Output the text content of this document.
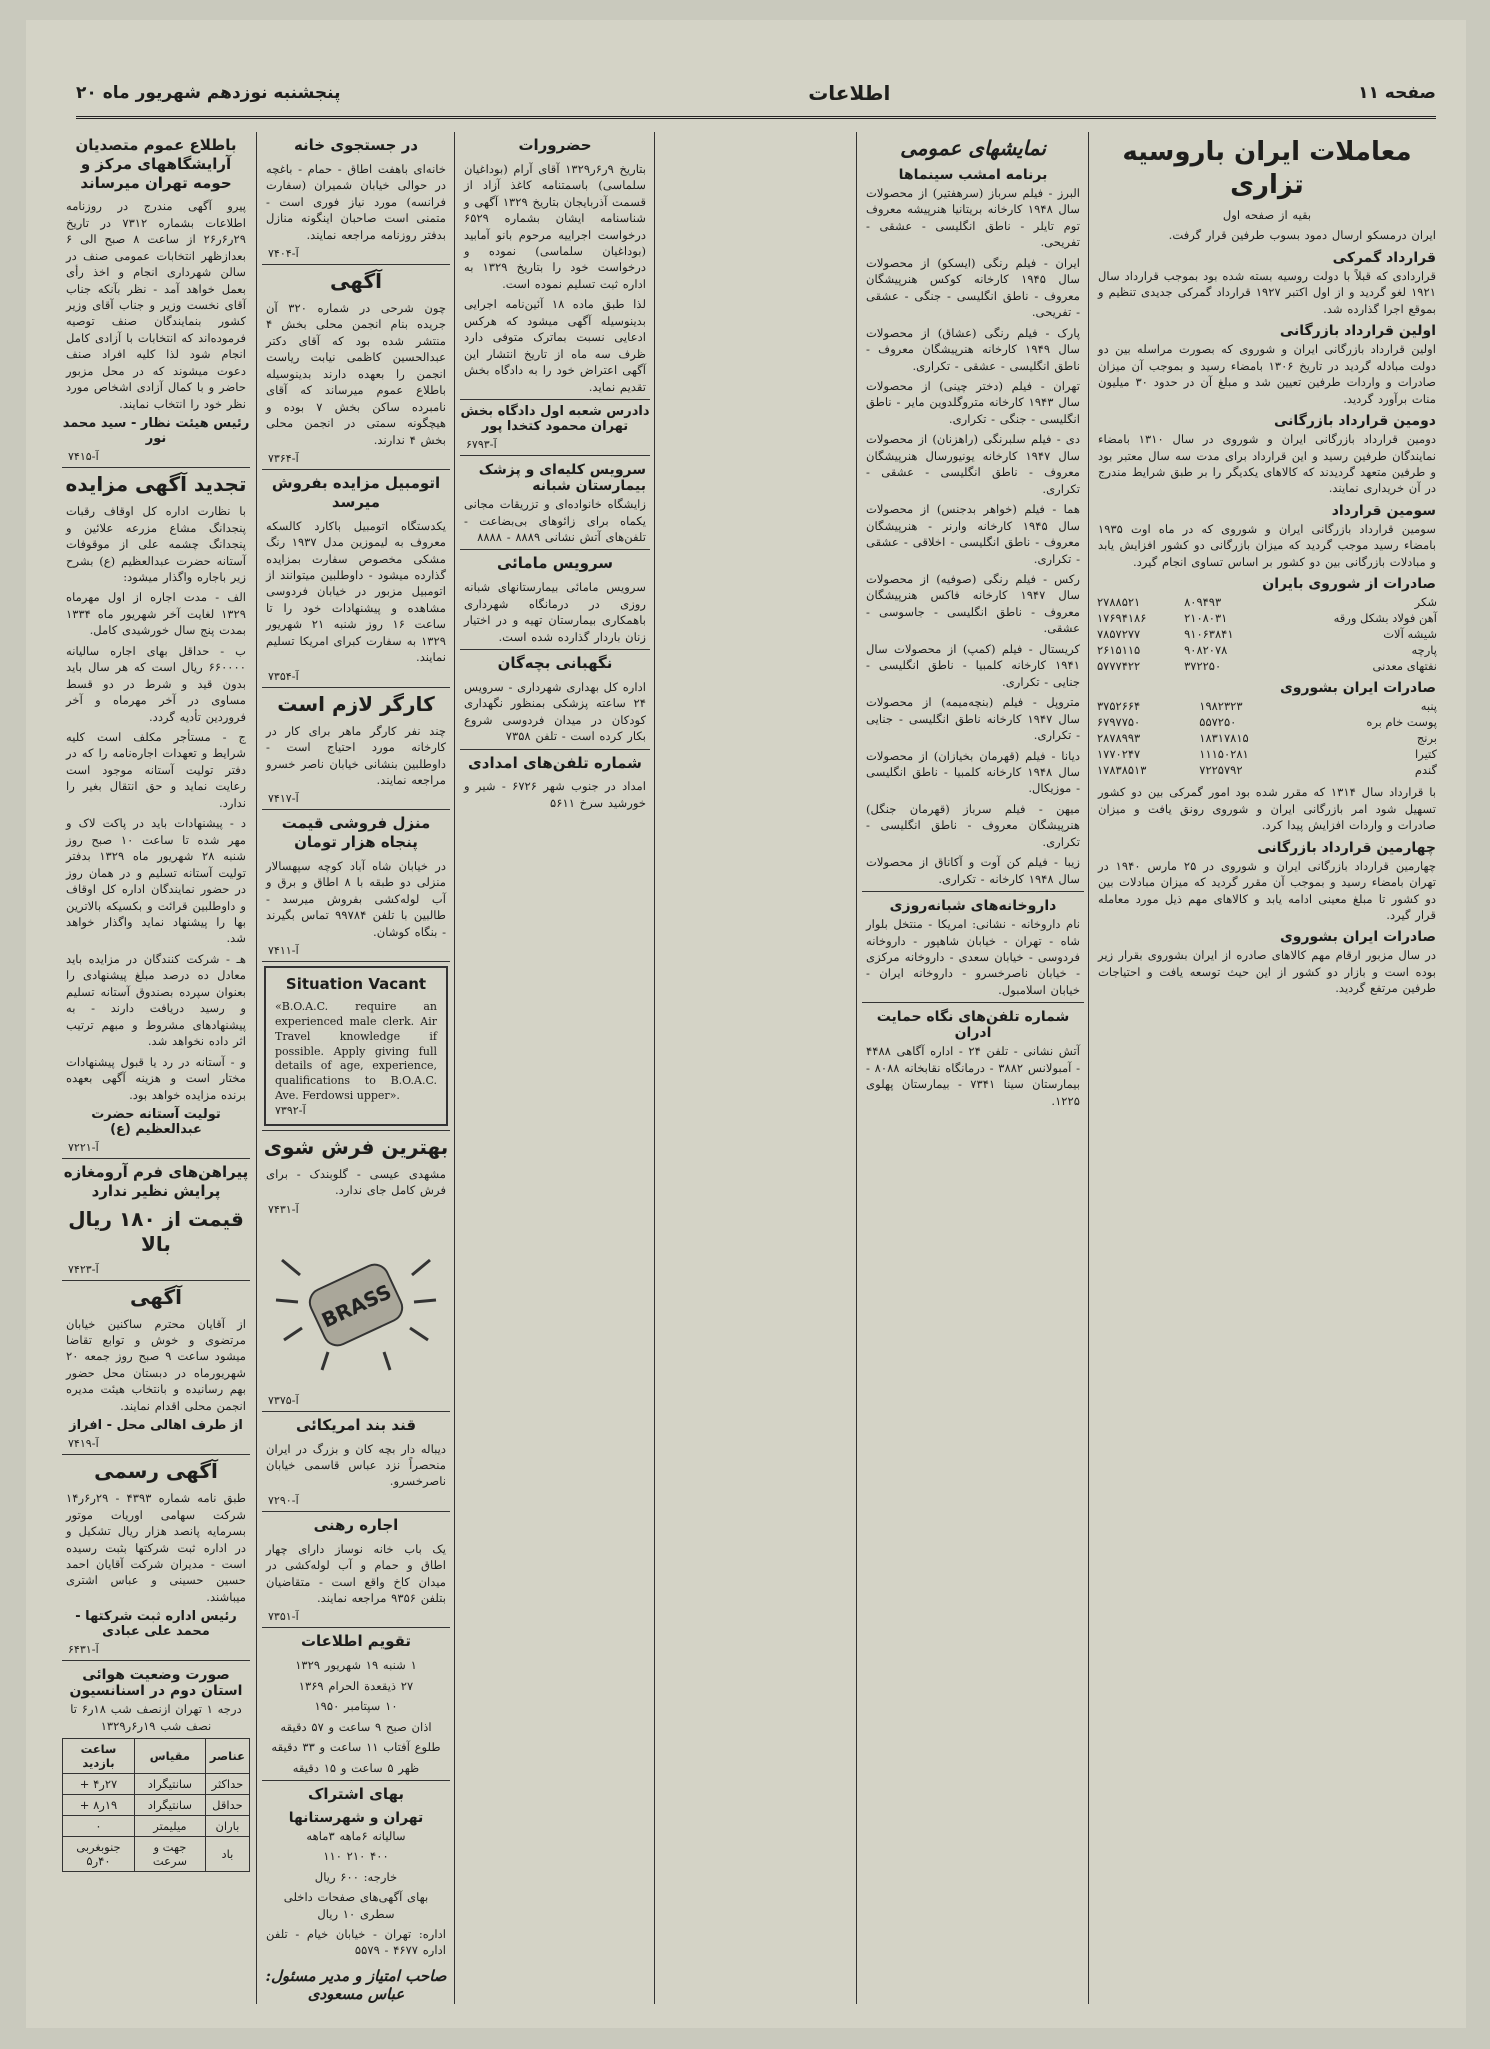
صفحه ۱۱
اطلاعات
پنجشنبه نوزدهم شهریور ماه ۲۰
معاملات ایران باروسیه تزاری
بقیه از صفحه اول
ایران درمسکو ارسال دمود بسوب طرفین قرار گرفت.
قرارداد گمرکی
قراردادی که قبلاً با دولت روسیه بسته شده بود بموجب قرارداد سال ۱۹۲۱ لغو گردید و از اول اکتبر ۱۹۲۷ قرارداد گمرکی جدیدی تنظیم و بموقع اجرا گذارده شد.
اولین قرارداد بازرگانی
اولین قرارداد بازرگانی ایران و شوروی که بصورت مراسله بین دو دولت مبادله گردید در تاریخ ۱۳۰۶ بامضاء رسید و بموجب آن میزان صادرات و واردات طرفین تعیین شد و مبلغ آن در حدود ۳۰ میلیون منات برآورد گردید.
دومین قرارداد بازرگانی
دومین قرارداد بازرگانی ایران و شوروی در سال ۱۳۱۰ بامضاء نمایندگان طرفین رسید و این قرارداد برای مدت سه سال معتبر بود و طرفین متعهد گردیدند که کالاهای یکدیگر را بر طبق شرایط مندرج در آن خریداری نمایند.
سومین قرارداد
سومین قرارداد بازرگانی ایران و شوروی که در ماه اوت ۱۹۳۵ بامضاء رسید موجب گردید که میزان بازرگانی دو کشور افزایش یابد و مبادلات بازرگانی بین دو کشور بر اساس تساوی انجام گیرد.
صادرات از شوروی بایران
شکر	۸۰۹۴۹۳	۲۷۸۸۵۲۱
آهن فولاد بشکل ورقه	۲۱۰۸۰۳۱	۱۷۶۹۴۱۸۶
شیشه آلات	۹۱۰۶۳۸۴۱	۷۸۵۷۲۷۷
پارچه	۹۰۸۲۰۷۸	۲۶۱۵۱۱۵
نفتهای معدنی	۳۷۲۲۵۰	۵۷۷۷۴۲۲
صادرات ایران بشوروی
پنبه	۱۹۸۲۳۲۳	۳۷۵۲۶۶۴
پوست خام بره	۵۵۷۲۵۰	۶۷۹۷۷۵۰
برنج	۱۸۳۱۷۸۱۵	۲۸۷۸۹۹۳
کتیرا	۱۱۱۵۰۲۸۱	۱۷۷۰۲۴۷
گندم	۷۲۲۵۷۹۲	۱۷۸۳۸۵۱۳
با قرارداد سال ۱۳۱۴ که مقرر شده بود امور گمرکی بین دو کشور تسهیل شود امر بازرگانی ایران و شوروی رونق یافت و میزان صادرات و واردات افزایش پیدا کرد.
چهارمین قرارداد بازرگانی
چهارمین قرارداد بازرگانی ایران و شوروی در ۲۵ مارس ۱۹۴۰ در تهران بامضاء رسید و بموجب آن مقرر گردید که میزان مبادلات بین دو کشور تا مبلغ معینی ادامه یابد و کالاهای مهم ذیل مورد معامله قرار گیرد.
صادرات ایران بشوروی
در سال مزبور ارقام مهم کالاهای صادره از ایران بشوروی بقرار زیر بوده است و بازار دو کشور از این حیث توسعه یافت و احتیاجات طرفین مرتفع گردید.
نمایشهای عمومی
برنامه امشب سینماها
البرز - فیلم سرباز (سرهفتیر) از محصولات سال ۱۹۴۸ کارخانه بریتانیا هنرپیشه معروف توم تایلر - ناطق انگلیسی - عشقی - تفریحی.
ایران - فیلم رنگی (ایسکو) از محصولات سال ۱۹۴۵ کارخانه کوکس هنرپیشگان معروف - ناطق انگلیسی - جنگی - عشقی - تفریحی.
پارک - فیلم رنگی (عشاق) از محصولات سال ۱۹۴۹ کارخانه هنرپیشگان معروف - ناطق انگلیسی - عشقی - تکراری.
تهران - فیلم (دختر چینی) از محصولات سال ۱۹۴۳ کارخانه متروگلدوین مایر - ناطق انگلیسی - جنگی - تکراری.
دی - فیلم سلبرنگی (راهزنان) از محصولات سال ۱۹۴۷ کارخانه یونیورسال هنرپیشگان معروف - ناطق انگلیسی - عشقی - تکراری.
هما - فیلم (خواهر بدجنس) از محصولات سال ۱۹۴۵ کارخانه وارنر - هنرپیشگان معروف - ناطق انگلیسی - اخلاقی - عشقی - تکراری.
رکس - فیلم رنگی (صوفیه) از محصولات سال ۱۹۴۷ کارخانه فاکس هنرپیشگان معروف - ناطق انگلیسی - جاسوسی - عشقی.
کریستال - فیلم (کمپ) از محصولات سال ۱۹۴۱ کارخانه کلمبیا - ناطق انگلیسی - جنایی - تکراری.
متروپل - فیلم (بنچه‌میمه) از محصولات سال ۱۹۴۷ کارخانه ناطق انگلیسی - جنایی - تکراری.
دیانا - فیلم (قهرمان بخیازان) از محصولات سال ۱۹۴۸ کارخانه کلمبیا - ناطق انگلیسی - موزیکال.
میهن - فیلم سرباز (قهرمان جنگل) هنرپیشگان معروف - ناطق انگلیسی - تکراری.
زیبا - فیلم کن آوت و آکاناق از محصولات سال ۱۹۴۸ کارخانه - تکراری.
داروخانه‌های شبانه‌روزی
نام داروخانه - نشانی: امریکا - منتخل بلوار شاه - تهران - خیابان شاهپور - داروخانه فردوسی - خیابان سعدی - داروخانه مرکزی - خیابان ناصرخسرو - داروخانه ایران - خیابان اسلامبول.
شماره تلفن‌های نگاه حمایت ادران
آتش نشانی - تلفن ۲۴ - اداره آگاهی ۴۴۸۸ - آمبولانس ۳۸۸۲ - درمانگاه نقابخانه ۸۰۸۸ - بیمارستان سینا ۷۳۴۱ - بیمارستان پهلوی ۱۲۲۵.
حضرورات
بتاریخ ۹ر۶ر۱۳۲۹ آقای آرام (بوداغیان سلماسی) باسمتنامه کاغذ آزاد از قسمت آذربایجان بتاریخ ۱۳۲۹ آگهی و شناسنامه ایشان بشماره ۶۵۲۹ درخواست اجراییه مرحوم بانو آمابید (بوداغیان سلماسی) نموده و درخواست خود را بتاریخ ۱۳۲۹ به اداره ثبت تسلیم نموده است.
لذا طبق ماده ۱۸ آئین‌نامه اجرایی بدینوسیله آگهی میشود که هرکس ادعایی نسبت بماترک متوفی دارد ظرف سه ماه از تاریخ انتشار این آگهی اعتراض خود را به دادگاه بخش تقدیم نماید.
دادرس شعبه اول دادگاه بخش تهران محمود کتخدا پور
آ-۶۷۹۳
سرویس کلیه‌ای و پزشک بیمارستان شبانه
زایشگاه خانواده‌ای و تزریقات مجانی یکماه برای زائوهای بی‌بضاعت - تلفن‌های آتش نشانی ۸۸۸۹ - ۸۸۸۸
سرویس مامائی
سرویس مامائی بیمارستانهای شبانه روزی در درمانگاه شهرداری باهمکاری بیمارستان تهیه و در اختیار زنان باردار گذارده شده است.
نگهبانی بچه‌گان
اداره کل بهداری شهرداری - سرویس ۲۴ ساعته پزشکی بمنظور نگهداری کودکان در میدان فردوسی شروع بکار کرده است - تلفن ۷۳۵۸
شماره تلفن‌های امدادی
امداد در جنوب شهر ۶۷۲۶ - شیر و خورشید سرخ ۵۶۱۱
در جستجوی خانه
خانه‌ای باهفت اطاق - حمام - باغچه در حوالی خیابان شمیران (سفارت فرانسه) مورد نیاز فوری است - متمنی است صاحبان اینگونه منازل بدفتر روزنامه مراجعه نمایند.
آ-۷۴۰۴
آگهی
چون شرحی در شماره ۳۲۰ آن جریده بنام انجمن محلی بخش ۴ منتشر شده بود که آقای دکتر عبدالحسین کاظمی نیابت ریاست انجمن را بعهده دارند بدینوسیله باطلاع عموم میرساند که آقای نامبرده ساکن بخش ۷ بوده و هیچگونه سمتی در انجمن محلی بخش ۴ ندارند.
آ-۷۳۶۴
اتومبیل مزایده بفروش میرسد
یکدستگاه اتومبیل باکارد کالسکه معروف به لیموزین مدل ۱۹۳۷ رنگ مشکی مخصوص سفارت بمزایده گذارده میشود - داوطلبین میتوانند از اتومبیل مزبور در خیابان فردوسی مشاهده و پیشنهادات خود را تا ساعت ۱۶ روز شنبه ۲۱ شهریور ۱۳۲۹ به سفارت کبرای امریکا تسلیم نمایند.
آ-۷۳۵۴
کارگر لازم است
چند نفر کارگر ماهر برای کار در کارخانه مورد احتیاج است - داوطلبین بنشانی خیابان ناصر خسرو مراجعه نمایند.
آ-۷۴۱۷
منزل فروشی قیمت پنجاه هزار تومان
در خیابان شاه آباد کوچه سپهسالار منزلی دو طبقه با ۸ اطاق و برق و آب لوله‌کشی بفروش میرسد - طالبین با تلفن ۹۹۷۸۴ تماس بگیرند - بنگاه کوشان.
آ-۷۴۱۱
Situation Vacant
«B.O.A.C. require an experienced male clerk. Air Travel knowledge if possible. Apply giving full details of age, experience, qualifications to B.O.A.C. Ave. Ferdowsi upper».
آ-۷۳۹۲
بهترین فرش شوی
مشهدی عیسی - گلوبندک - برای فرش کامل جای ندارد.
آ-۷۴۳۱
BRASS
آ-۷۳۷۵
قند بند امریکائی
دیباله دار بچه کان و بزرگ در ایران منحصراً نزد عباس قاسمی خیابان ناصرخسرو.
آ-۷۲۹۰
اجاره رهنی
یک باب خانه نوساز دارای چهار اطاق و حمام و آب لوله‌کشی در میدان کاخ واقع است - متقاضیان بتلفن ۹۳۵۶ مراجعه نمایند.
آ-۷۳۵۱
تقویم اطلاعات
۱ شنبه ۱۹ شهریور ۱۳۲۹
۲۷ ذیقعدة الحرام ۱۳۶۹
۱۰ سپتامبر ۱۹۵۰
اذان صبح ۹ ساعت و ۵۷ دقیقه
طلوع آفتاب ۱۱ ساعت و ۳۳ دقیقه
ظهر ۵ ساعت و ۱۵ دقیقه
بهای اشتراک
تهران و شهرستانها
سالیانه ۶ماهه ۳ماهه
۴۰۰ ۲۱۰ ۱۱۰
خارجه: ۶۰۰ ریال
بهای آگهی‌های صفحات داخلی سطری ۱۰ ریال
اداره: تهران - خیابان خیام - تلفن اداره ۴۶۷۷ - ۵۵۷۹
صاحب امتیاز و مدیر مسئول: عباس مسعودی
باطلاع عموم متصدیان آرایشگاههای مرکز و حومه تهران میرساند
پیرو آگهی مندرج در روزنامه اطلاعات بشماره ۷۳۱۲ در تاریخ ۲۹ر۶ر۲۶ از ساعت ۸ صبح الی ۶ بعدازظهر انتخابات عمومی صنف در سالن شهرداری انجام و اخذ رأی بعمل خواهد آمد - نظر بآنکه جناب آقای نخست وزیر و جناب آقای وزیر کشور بنمایندگان صنف توصیه فرموده‌اند که انتخابات با آزادی کامل انجام شود لذا کلیه افراد صنف دعوت میشوند که در محل مزبور حاضر و با کمال آزادی اشخاص مورد نظر خود را انتخاب نمایند.
رئیس هیئت نظار - سید محمد نور
آ-۷۴۱۵
تجدید آگهی مزایده
با نظارت اداره کل اوقاف رقبات پنجدانگ مشاع مزرعه علائین و پنجدانگ چشمه علی از موقوفات آستانه حضرت عبدالعظیم (ع) بشرح زیر باجاره واگذار میشود:
الف - مدت اجاره از اول مهرماه ۱۳۲۹ لغایت آخر شهریور ماه ۱۳۳۴ بمدت پنج سال خورشیدی کامل.
ب - حداقل بهای اجاره سالیانه ۶۶۰۰۰۰ ریال است که هر سال باید بدون قید و شرط در دو قسط مساوی در آخر مهرماه و آخر فروردین تأدیه گردد.
ج - مستأجر مکلف است کلیه شرایط و تعهدات اجاره‌نامه را که در دفتر تولیت آستانه موجود است رعایت نماید و حق انتقال بغیر را ندارد.
د - پیشنهادات باید در پاکت لاک و مهر شده تا ساعت ۱۰ صبح روز شنبه ۲۸ شهریور ماه ۱۳۲۹ بدفتر تولیت آستانه تسلیم و در همان روز در حضور نمایندگان اداره کل اوقاف و داوطلبین قرائت و بکسیکه بالاترین بها را پیشنهاد نماید واگذار خواهد شد.
هـ - شرکت کنندگان در مزایده باید معادل ده درصد مبلغ پیشنهادی را بعنوان سپرده بصندوق آستانه تسلیم و رسید دریافت دارند - به پیشنهادهای مشروط و مبهم ترتیب اثر داده نخواهد شد.
و - آستانه در رد یا قبول پیشنهادات مختار است و هزینه آگهی بعهده برنده مزایده خواهد بود.
تولیت آستانه حضرت عبدالعظیم (ع)
آ-۷۲۲۱
پیراهن‌های فرم آرومغازه پرایش نظیر ندارد
قیمت از ۱۸۰ ریال بالا
آ-۷۴۲۳
آگهی
از آقایان محترم ساکنین خیابان مرتضوی و خوش و توابع تقاضا میشود ساعت ۹ صبح روز جمعه ۲۰ شهریورماه در دبستان محل حضور بهم رسانیده و بانتخاب هیئت مدیره انجمن محلی اقدام نمایند.
از طرف اهالی محل - افراز
آ-۷۴۱۹
آگهی رسمی
طبق نامه شماره ۴۳۹۳ - ۲۹ر۶ر۱۴ شرکت سهامی اوریات موتور بسرمایه پانصد هزار ریال تشکیل و در اداره ثبت شرکتها بثبت رسیده است - مدیران شرکت آقایان احمد حسین حسینی و عباس اشتری میباشند.
رئیس اداره ثبت شرکتها - محمد علی عبادی
آ-۶۴۳۱
صورت وضعیت هوائی استان دوم در اسنانسیون
درجه ۱ تهران ازنصف شب ۱۸ر۶ تا نصف شب ۱۹ر۶ر۱۳۲۹
عناصر	مقیاس	ساعت بازدید
حداکثر	سانتیگراد	۲۷ر۴ +
حداقل	سانتیگراد	۱۹ر۸ +
باران	میلیمتر	۰
باد	جهت و سرعت	جنوبغربی ۴۰ر۵
